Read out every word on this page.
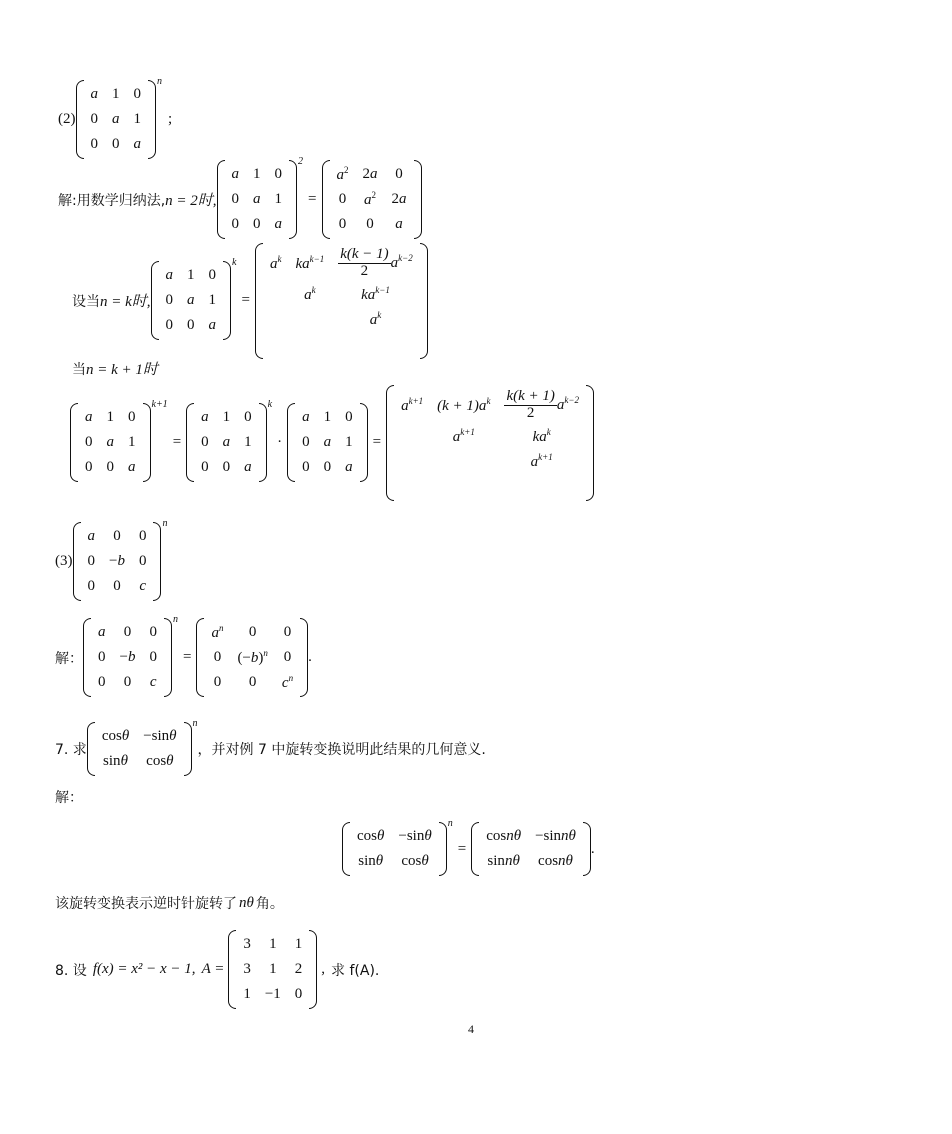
(2)
a	1	0
0	a	1
0	0	a
n
;
解:用数学归纳法, n = 2时,
a	1	0
0	a	1
0	0	a
2
=
$a^2$	2a	0
0	$a^2$	2a
0	0	a
设当 n = k时,
a	1	0
0	a	1
0	0	a
k
=
$a^k$	$ka^{k-1}$	$\frac{k(k - 1)}{2} a^{k-2}$
	$a^k$	$ka^{k-1}$
		$a^k$

当 n = k + 1时
a	1	0
0	a	1
0	0	a
k+1
=
a	1	0
0	a	1
0	0	a
k
·
a	1	0
0	a	1
0	0	a
=
$a^{k+1}$	$(k + 1)a^k$	$\frac{k(k + 1)}{2} a^{k-2}$
	$a^{k+1}$	$ka^k$
		$a^{k+1}$

(3)
a	0	0
0	−b	0
0	0	c
n
解：
a	0	0
0	−b	0
0	0	c
n
=
$a^n$	0	0
0	$(-b)^n$	0
0	0	$c^n$
.
7. 求
cosθ	−sinθ
sinθ	cosθ
n
，并对例 7 中旋转变换说明此结果的几何意义.
解：
cosθ	−sinθ
sinθ	cosθ
n
=
cosnθ	−sinnθ
sinnθ	cosnθ
.
该旋转变换表示逆时针旋转了 nθ 角。
8. 设 f(x) = x² − x − 1, A =
3	1	1
3	1	2
1	−1	0
, 求 f(A).
4
